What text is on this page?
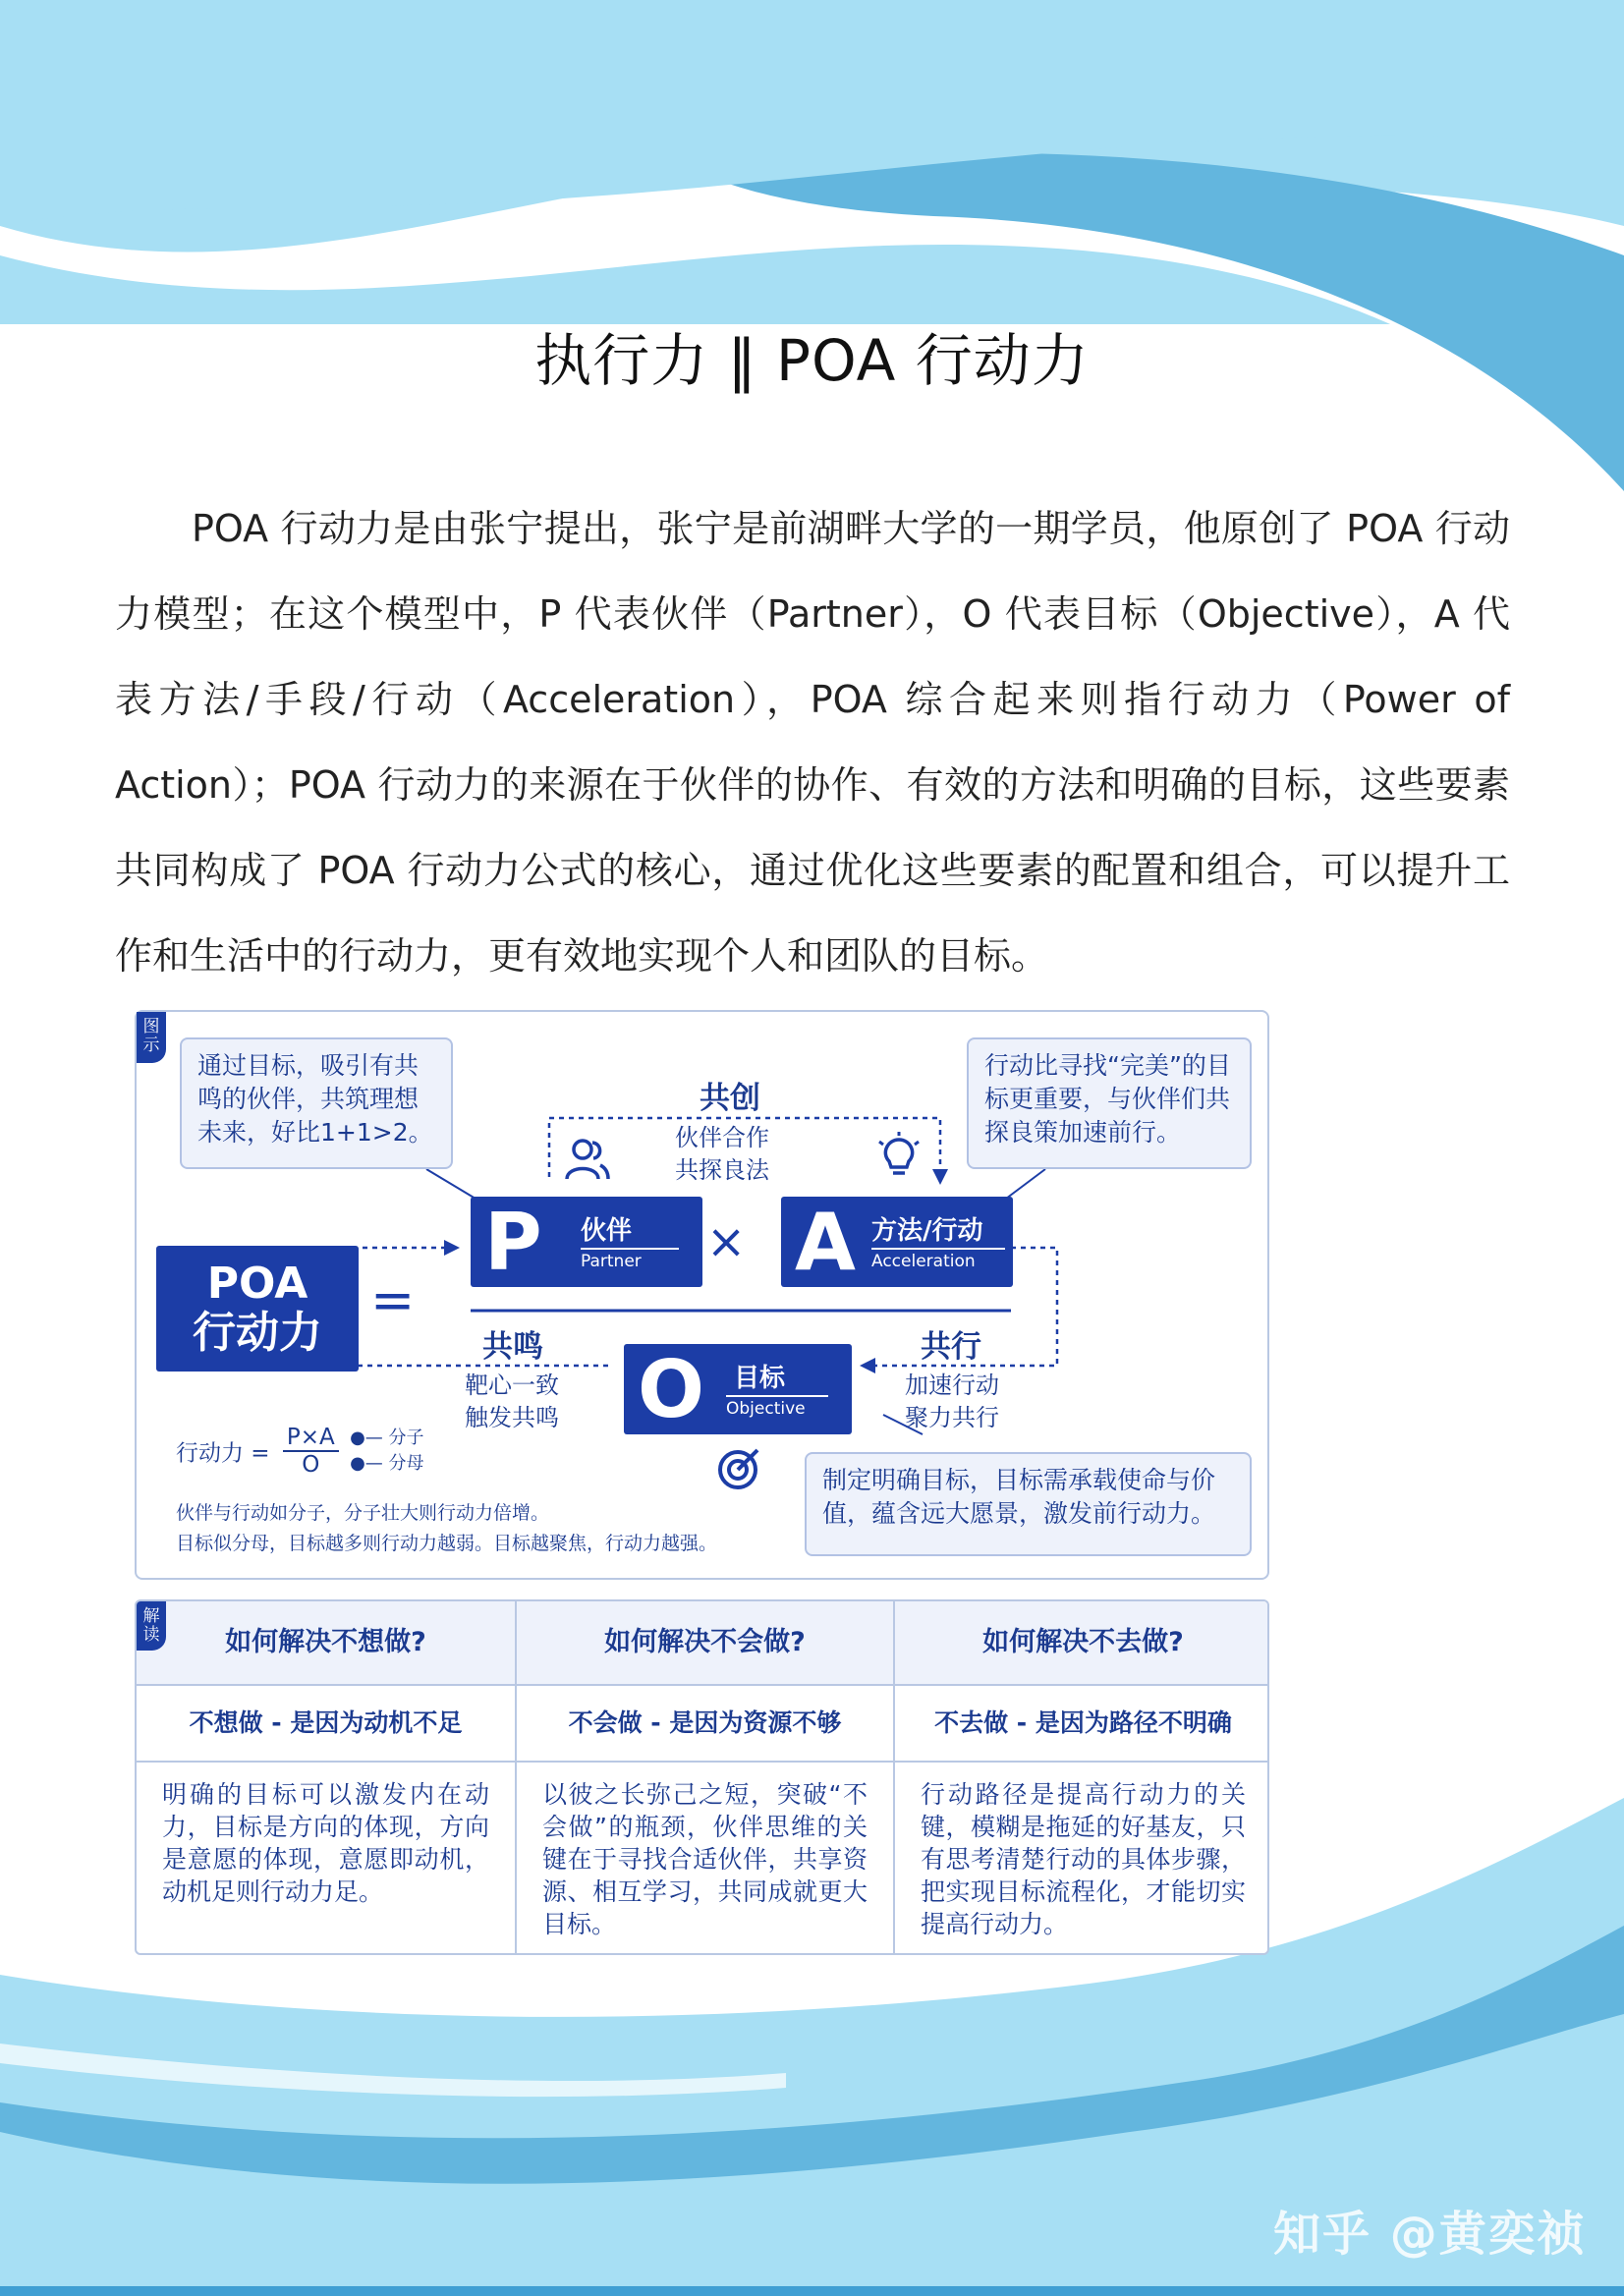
执行力 ‖ POA 行动力

POA 行动力是由张宁提出，张宁是前湖畔大学的一期学员，他原创了 POA 行动力模型；在这个模型中，P 代表伙伴（Partner），O 代表目标（Objective），A 代表方法/手段/行动（Acceleration），POA 综合起来则指行动力（Power of Action）；POA 行动力的来源在于伙伴的协作、有效的方法和明确的目标，这些要素共同构成了 POA 行动力公式的核心，通过优化这些要素的配置和组合，可以提升工作和生活中的行动力，更有效地实现个人和团队的目标。

图示
通过目标，吸引有共鸣的伙伴，共筑理想未来，好比1+1>2。
行动比寻找“完美”的目标更重要，与伙伴们共探良策加速前行。
制定明确目标，目标需承载使命与价值，蕴含远大愿景，激发前行动力。
POA
行动力
=
P 伙伴
Partner	× A 方法/行动
Acceleration
O 目标
Objective
共创
伙伴合作
共探良法
共鸣
靶心一致
触发共鸣
共行
加速行动
聚力共行
行动力 = $\frac{P\times A}{O}$
●— 分子
●— 分母
伙伴与行动如分子，分子壮大则行动力倍增。
目标似分母，目标越多则行动力越弱。目标越聚焦，行动力越强。
如何解决不想做?
不想做 - 是因为动机不足
明确的目标可以激发内在动力，目标是方向的体现，方向是意愿的体现，意愿即动机，动机足则行动力足。
如何解决不会做?
不会做 - 是因为资源不够
以彼之长弥己之短，突破“不会做”的瓶颈，伙伴思维的关键在于寻找合适伙伴，共享资源、相互学习，共同成就更大目标。
如何解决不去做?
不去做 - 是因为路径不明确
行动路径是提高行动力的关键，模糊是拖延的好基友，只有思考清楚行动的具体步骤，把实现目标流程化，才能切实提高行动力。
解读
知乎 @黄奕祯
